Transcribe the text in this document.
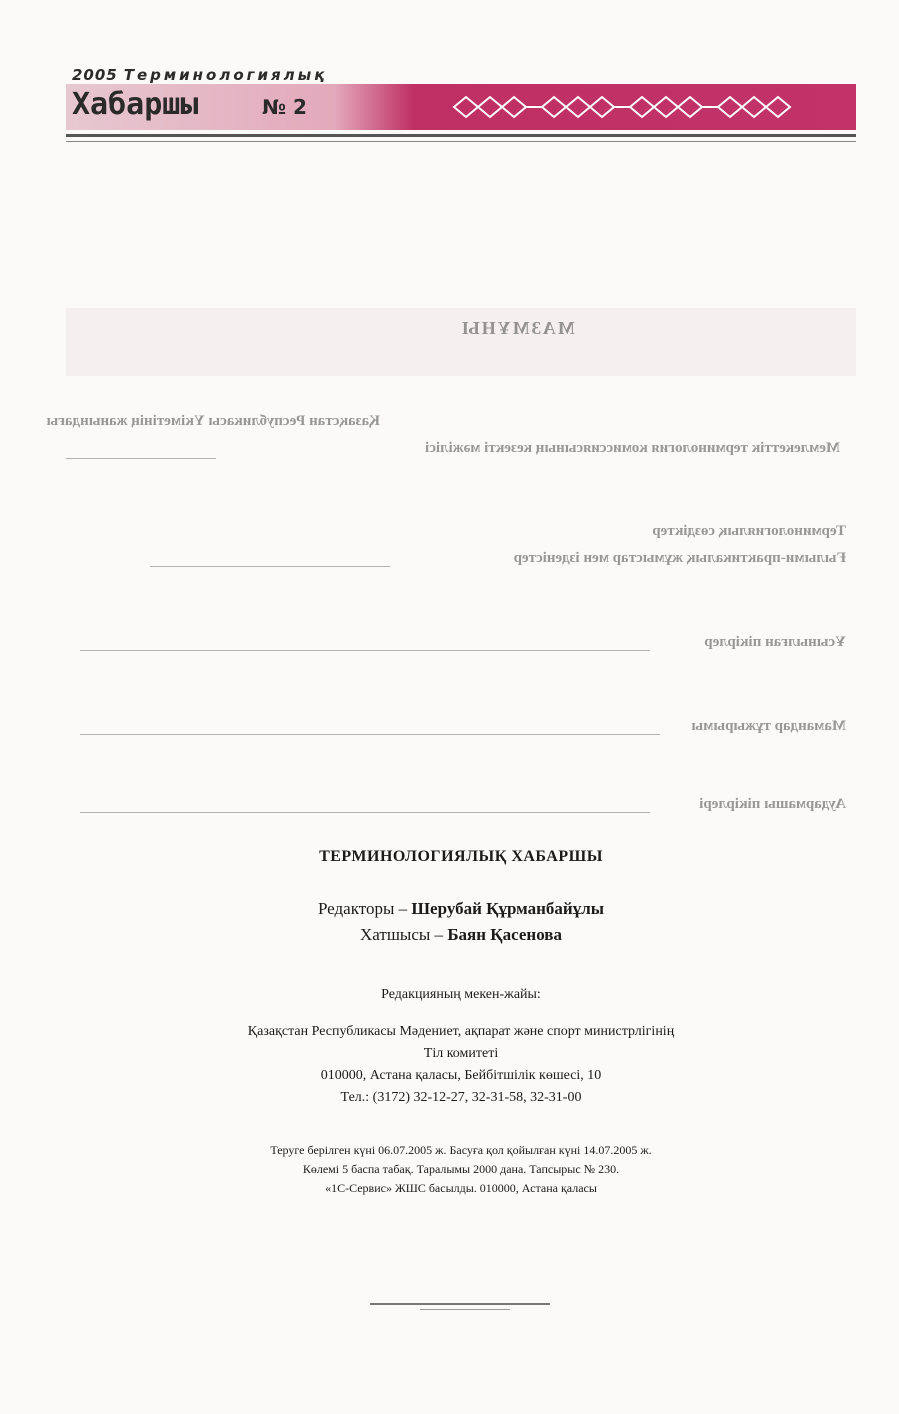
2005 Терминологиялық
Хабаршы	№ 2
МАЗМҰНЫ
Қазақстан Республикасы Үкіметінің жанындағы
Мемлекеттік терминология комиссиясының кезекті мәжілісі
Терминологиялық сөздіктер
Ғылыми-практикалық жұмыстар мен ізденістер
Ұсынылған пікірлер
Мамандар тұжырымы
Аудармашы пікірлері
ТЕРМИНОЛОГИЯЛЫҚ ХАБАРШЫ
Редакторы – Шерубай Құрманбайұлы
Хатшысы – Баян Қасенова
Редакцияның мекен-жайы:
Қазақстан Республикасы Мәдениет, ақпарат және спорт министрлігінің
Тіл комитеті
010000, Астана қаласы, Бейбітшілік көшесі, 10
Тел.: (3172) 32-12-27, 32-31-58, 32-31-00
Теруге берілген күні 06.07.2005 ж. Басуға қол қойылған күні 14.07.2005 ж.
Көлемі 5 баспа табақ. Таралымы 2000 дана. Тапсырыс № 230.
«1С-Сервис» ЖШС басылды. 010000, Астана қаласы
